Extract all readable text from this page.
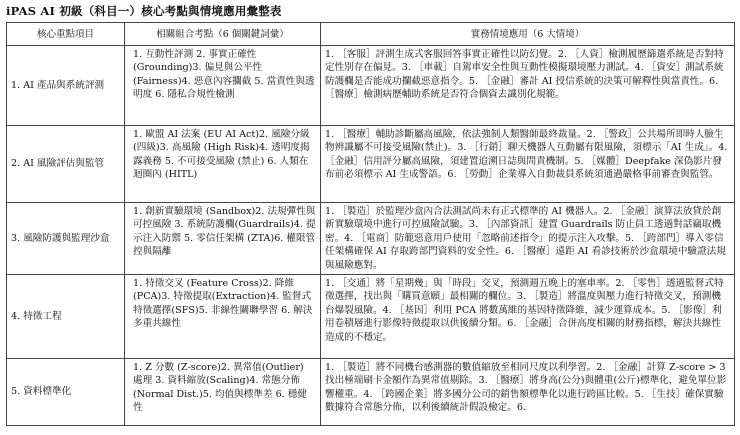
iPAS AI 初級（科目一）核心考點與情境應用彙整表
核心重點項目	相關組合考點（6 個關鍵詞彙）	實務情境應用（6 大情境）
1. AI 產品與系統評測	1. 互動性評測 2. 事實正確性(Grounding)3. 偏見與公平性(Fairness)4. 惡意內容攔截 5. 當責性與透明度 6. 隱私合規性檢測	1. ［客服］評測生成式客服回答事實正確性以防幻覺。2. ［人資］檢測履歷篩選系統是否對特定性別存在偏見。3. ［車載］自駕車安全性與互動性模擬環境壓力測試。4. ［資安］測試系統防護欄是否能成功攔截惡意指令。5. ［金融］審計 AI 授信系統的決策可解釋性與當責性。6. ［醫療］檢測病歷輔助系統是否符合個資去識別化規範。
2. AI 風險評估與監管	1. 歐盟 AI 法案 (EU AI Act)2. 風險分級 (四級)3. 高風險 (High Risk)4. 透明度揭露義務 5. 不可接受風險 (禁止) 6. 人類在迴圈內 (HITL)	1. ［醫療］輔助診斷屬高風險，依法強制人類醫師最終裁量。2. ［警政］公共場所即時人臉生物辨識屬不可接受風險(禁止)。3. ［行銷］聊天機器人互動屬有限風險，須標示「AI 生成」。4. ［金融］信用評分屬高風險，須建置追溯日誌與問責機制。5. ［媒體］Deepfake 深偽影片發布前必須標示 AI 生成警語。6. ［勞動］企業導入自動裁員系統須通過嚴格事前審查與監管。
3. 風險防護與監理沙盒	1. 創新實驗環境 (Sandbox)2. 法規彈性與可控風險 3. 系統防護欄(Guardrails)4. 提示注入防禦 5. 零信任架構 (ZTA)6. 權限管控與隔離	1. ［製造］於監理沙盒內合法測試尚未有正式標準的 AI 機器人。2. ［金融］演算法放貸於創新實驗環境中進行可控風險試驗。3. ［內部資訊］建置 Guardrails 防止員工透過對話竊取機密。4. ［電商］防範惡意用戶使用「忽略前述指令」的提示注入攻擊。5. ［跨部門］導入零信任架構確保 AI 存取跨部門資料的安全性。6. ［醫療］遠距 AI 看診技術於沙盒環境中驗證法規與風險應對。
4. 特徵工程	1. 特徵交叉 (Feature Cross)2. 降維 (PCA)3. 特徵提取(Extraction)4. 監督式特徵選擇(SFS)5. 非線性關聯學習 6. 解決多重共線性	1. ［交通］將「星期幾」與「時段」交叉，預測週五晚上的塞車率。2. ［零售］透過監督式特徵選擇，找出與「購買意願」最相關的欄位。3. ［製造］將溫度與壓力進行特徵交叉，預測機台爆裂風險。4. ［基因］利用 PCA 將數萬維的基因特徵降維，減少運算成本。5. ［影像］利用卷積層進行影像特徵提取以供後續分類。6. ［金融］合併高度相關的財務指標，解決共線性造成的不穩定。
5. 資料標準化	1. Z 分數 (Z-score)2. 異常值(Outlier) 處理 3. 資料縮放(Scaling)4. 常態分佈 (Normal Dist.)5. 均值與標準差 6. 穩健性	1. ［製造］將不同機台感測器的數值縮放至相同尺度以利學習。2. ［金融］計算 Z-score > 3 找出極端刷卡金額作為異常值剔除。3. ［醫療］將身高(公分)與體重(公斤)標準化，避免單位影響權重。4. ［跨國企業］將多國分公司的銷售額標準化以進行跨區比較。5. ［生技］確保實驗數據符合常態分佈，以利後續統計假設檢定。6.
